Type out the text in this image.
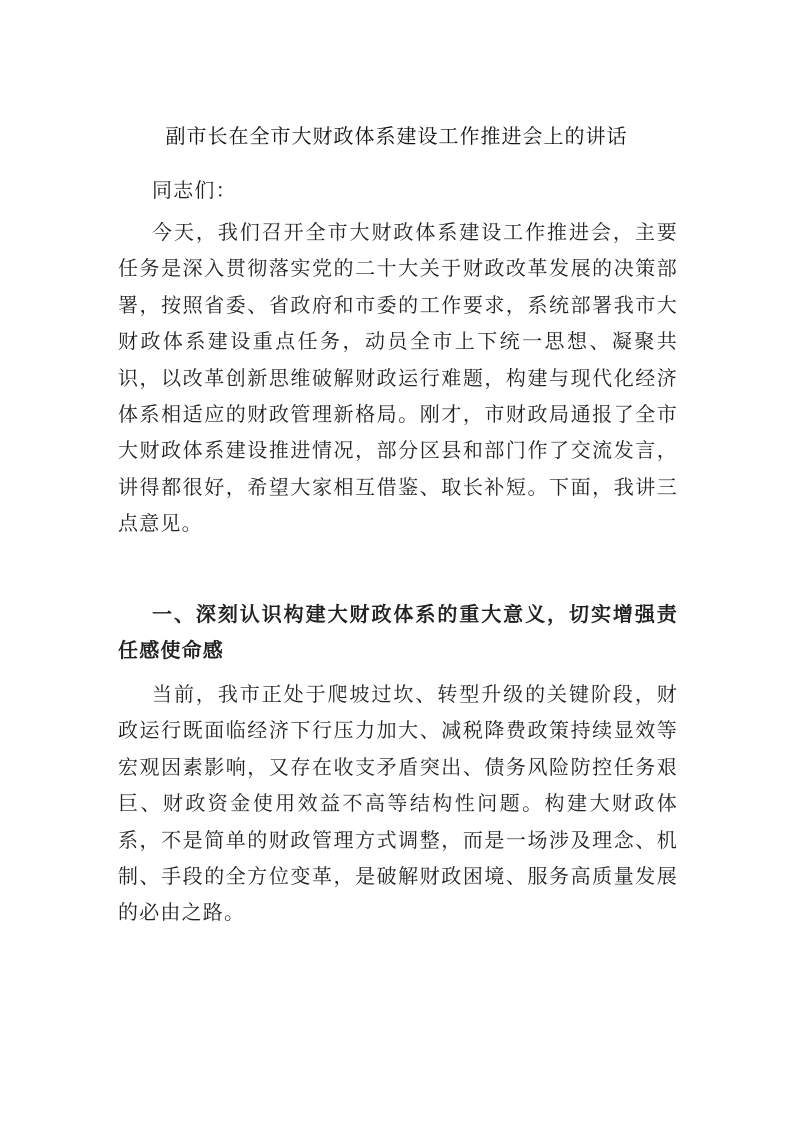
副市长在全市大财政体系建设工作推进会上的讲话
同志们：
今天，我们召开全市大财政体系建设工作推进会，主要任务是深入贯彻落实党的二十大关于财政改革发展的决策部署，按照省委、省政府和市委的工作要求，系统部署我市大财政体系建设重点任务，动员全市上下统一思想、凝聚共识，以改革创新思维破解财政运行难题，构建与现代化经济体系相适应的财政管理新格局。刚才，市财政局通报了全市大财政体系建设推进情况，部分区县和部门作了交流发言，讲得都很好，希望大家相互借鉴、取长补短。下面，我讲三点意见。
一、深刻认识构建大财政体系的重大意义，切实增强责任感使命感
当前，我市正处于爬坡过坎、转型升级的关键阶段，财政运行既面临经济下行压力加大、减税降费政策持续显效等宏观因素影响，又存在收支矛盾突出、债务风险防控任务艰巨、财政资金使用效益不高等结构性问题。构建大财政体系，不是简单的财政管理方式调整，而是一场涉及理念、机制、手段的全方位变革，是破解财政困境、服务高质量发展的必由之路。
